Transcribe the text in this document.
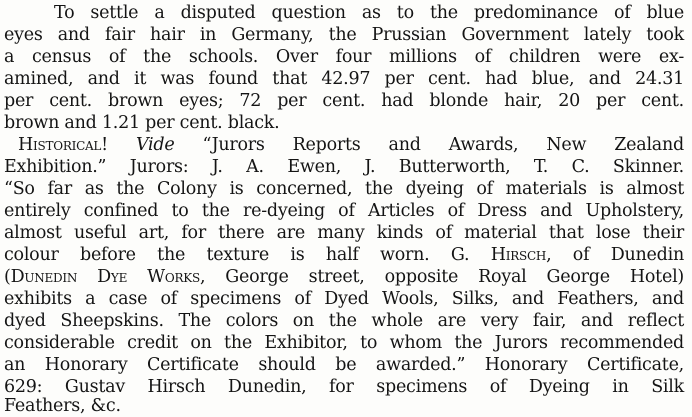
To settle a disputed question as to the predominance of blue
eyes and fair hair in Germany, the Prussian Government lately took
a census of the schools. Over four millions of children were ex-
amined, and it was found that 42.97 per cent. had blue, and 24.31
per cent. brown eyes; 72 per cent. had blonde hair, 20 per cent.
brown and 1.21 per cent. black.
Historical! Vide “Jurors Reports and Awards, New Zealand
Exhibition.” Jurors: J. A. Ewen, J. Butterworth, T. C. Skinner.
“So far as the Colony is concerned, the dyeing of materials is almost
entirely confined to the re-dyeing of Articles of Dress and Upholstery,
almost useful art, for there are many kinds of material that lose their
colour before the texture is half worn. G. Hirsch, of Dunedin
(Dunedin Dye Works, George street, opposite Royal George Hotel)
exhibits a case of specimens of Dyed Wools, Silks, and Feathers, and
dyed Sheepskins. The colors on the whole are very fair, and reflect
considerable credit on the Exhibitor, to whom the Jurors recommended
an Honorary Certificate should be awarded.” Honorary Certificate,
629: Gustav Hirsch Dunedin, for specimens of Dyeing in Silk
Feathers, &c.
